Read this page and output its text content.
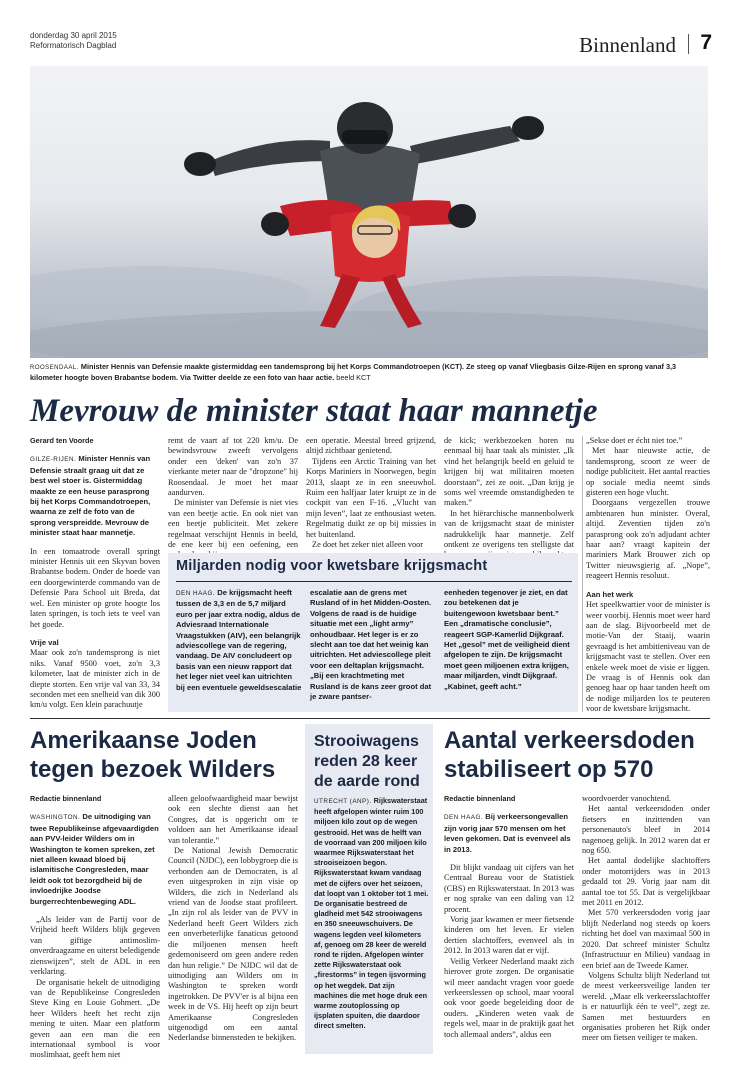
donderdag 30 april 2015
Reformatorisch Dagblad	Binnenland 7
ROOSENDAAL. Minister Hennis van Defensie maakte gistermiddag een tandemsprong bij het Korps Commandotroepen (KCT). Ze steeg op vanaf Vliegbasis Gilze-Rijen en sprong vanaf 3,3 kilometer hoogte boven Brabantse bodem. Via Twitter deelde ze een foto van haar actie. beeld KCT
Mevrouw de minister staat haar mannetje
Gerard ten Voorde
GILZE-RIJEN. Minister Hennis van Defensie straalt graag uit dat ze best wel stoer is. Gistermiddag maakte ze een heuse parasprong bij het Korps Commandotroepen, waarna ze zelf de foto van de sprong verspreidde. Mevrouw de minister staat haar mannetje.

In een tomaatrode overall springt minister Hennis uit een Skyvan boven Brabantse bodem. Onder de hoede van een doorgewinterde commando van de Defensie Para School uit Breda, dat wel. Een minister op grote hoogte los laten springen, is toch iets te veel van het goede.

Vrije val

Maar ook zo'n tandemsprong is niet niks. Vanaf 9500 voet, zo'n 3,3 kilometer, laat de minister zich in de diepte storten. Een vrije val van 33, 34 seconden met een snelheid van dik 300 km/u volgt. Een klein parachuutje

remt de vaart af tot 220 km/u. De bewindsvrouw zweeft vervolgens onder een 'deken' van zo'n 37 vierkante meter naar de "dropzone" bij Roosendaal. Je moet het maar aandurven.

De minister van Defensie is niet vies van een beetje actie. En ook niet van een beetje publiciteit. Met zekere regelmaat verschijnt Hennis in beeld, de ene keer bij een oefening, een

een operatie. Meestal breed grijzend, altijd zichtbaar genietend.

Tijdens een Arctic Training van het Korps Mariniers in Noorwegen, begin 2013, slaapt ze in een sneeuwhol. Ruim een halfjaar later kruipt ze in de cockpit van een F-16. „Vlucht van mijn leven”, laat ze enthousiast weten. Regelmatig duikt ze op bij missies in het buitenland.

Ze doet het zeker niet alleen voor

de kick; werkbezoeken horen nu eenmaal bij haar taak als minister. „Ik vind het belangrijk beeld en geluid te krijgen bij wat militairen moeten doorstaan”, zei ze ooit. „Dan krijg je soms wel vreemde omstandigheden te maken.”

In het hiërarchische mannenbolwerk van de krijgsmacht staat de minister nadrukkelijk haar mannetje. Zelf ontkent ze overigens ten stelligste dat

„Sekse doet er écht niet toe.”

Met haar nieuwste actie, de tandemsprong, scoort ze weer de nodige publiciteit. Het aantal reacties op sociale media neemt sinds gisteren een hoge vlucht.

Doorgaans vergezellen trouwe ambtenaren hun minister. Overal, altijd. Zeventien tijden zo'n parasprong ook zo'n adjudant achter haar aan? vraagt kapitein der mariniers Mark Brouwer zich op Twitter nieuwsgierig af. „Nope”, reageert Hennis resoluut.

Aan het werk

Het speelkwartier voor de minister is weer voorbij. Hennis moet weer hard aan de slag. Bijvoorbeeld met de motie-Van der Staaij, waarin gevraagd is het ambitieniveau van de krijgsmacht vast te stellen. Over een enkele week moet de visie er liggen. De vraag is of Hennis ook dan genoeg haar op haar tanden heeft om de nodige miljarden los te peuteren voor de kwetsbare krijgsmacht.

Miljarden nodig voor kwetsbare krijgsmacht
DEN HAAG. De krijgsmacht heeft tussen de 3,3 en de 5,7 miljard euro per jaar extra nodig, aldus de Adviesraad Internationale Vraagstukken (AIV), een belangrijk adviescollege van de regering, vandaag. De AIV concludeert op basis van een nieuw rapport dat het leger niet veel kan uitrichten bij een eventuele geweldsescalatie
escalatie aan de grens met Rusland of in het Midden-Oosten. Volgens de raad is de huidige situatie met een „light army” onhoudbaar. Het leger is er zo slecht aan toe dat het weinig kan uitrichten. Het adviescollege pleit voor een deltaplan krijgsmacht. „Bij een krachtmeting met Rusland is de kans zeer groot dat je zware pantser-
eenheden tegenover je ziet, en dat zou betekenen dat je buitengewoon kwetsbaar bent.” Een „dramatische conclusie”, reageert SGP-Kamerlid Dijkgraaf. Het „gesol” met de veiligheid dient afgelopen te zijn. De krijgsmacht moet geen miljoenen extra krijgen, maar miljarden, vindt Dijkgraaf. „Kabinet, geeft acht.”
Amerikaanse Joden tegen bezoek Wilders
Redactie binnenland
WASHINGTON. De uitnodiging van twee Republikeinse afgevaardigden aan PVV-leider Wilders om in Washington te komen spreken, zet niet alleen kwaad bloed bij islamitische Congresleden, maar leidt ook tot bezorgdheid bij de invloedrijke Joodse burgerrechtenbeweging ADL.

„Als leider van de Partij voor de Vrijheid heeft Wilders blijk gegeven van giftige antimoslim-onverdraagzame en uiterst beledigende zienswijzen”, stelt de ADL in een verklaring.

De organisatie hekelt de uitnodiging van de Republikeinse Congresleden Steve King en Louie Gohmert. „De heer Wilders heeft het recht zijn mening te uiten. Maar een platform geven aan een man die een internationaal symbool is voor moslimhaat, geeft hem niet

alleen geloofwaardigheid maar bewijst ook een slechte dienst aan het Congres, dat is opgericht om te voldoen aan het Amerikaanse ideaal van tolerantie.”

De National Jewish Democratic Council (NJDC), een lobbygroep die is verbonden aan de Democraten, is al even uitgesproken in zijn visie op Wilders, die zich in Nederland als vriend van de Joodse staat profileert. „In zijn rol als leider van de PVV in Nederland heeft Geert Wilders zich een onverbeterlijke fanaticus getoond die miljoenen mensen heeft gedemoniseerd om geen andere reden dan hun religie.” De NJDC wil dat de uitnodiging aan Wilders om in Washington te spreken wordt ingetrokken. De PVV'er is al bijna een week in de VS. Hij heeft op zijn beurt Amerikaanse Congresleden uitgenodigd om een aantal Nederlandse binnensteden te bekijken.

Strooiwagens reden 28 keer de aarde rond
UTRECHT (ANP). Rijkswaterstaat heeft afgelopen winter ruim 100 miljoen kilo zout op de wegen gestrooid. Het was de helft van de voorraad van 200 miljoen kilo waarmee Rijkswaterstaat het strooiseizoen begon. Rijkswaterstaat kwam vandaag met de cijfers over het seizoen, dat loopt van 1 oktober tot 1 mei. De organisatie bestreed de gladheid met 542 strooiwagens en 350 sneeuwschuivers. De wagens legden veel kilometers af, genoeg om 28 keer de wereld rond te rijden. Afgelopen winter zette Rijkswaterstaat ook „firestorms” in tegen ijsvorming op het wegdek. Dat zijn machines die met hoge druk een warme zoutoplossing op ijsplaten spuiten, die daardoor direct smelten.
Aantal verkeersdoden stabiliseert op 570
Redactie binnenland
DEN HAAG. Bij verkeersongevallen zijn vorig jaar 570 mensen om het leven gekomen. Dat is evenveel als in 2013.

Dit blijkt vandaag uit cijfers van het Centraal Bureau voor de Statistiek (CBS) en Rijkswaterstaat. In 2013 was er nog sprake van een daling van 12 procent.

Vorig jaar kwamen er meer fietsende kinderen om het leven. Er vielen dertien slachtoffers, evenveel als in 2012. In 2013 waren dat er vijf.

Veilig Verkeer Nederland maakt zich hierover grote zorgen. De organisatie wil meer aandacht vragen voor goede verkeerslessen op school, maar vooral ook voor goede begeleiding door de ouders. „Kinderen weten vaak de regels wel, maar in de praktijk gaat het toch allemaal anders”, aldus een

woordvoerder vanochtend.

Het aantal verkeersdoden onder fietsers en inzittenden van personenauto's bleef in 2014 nagenoeg gelijk. In 2012 waren dat er nog 650.

Het aantal dodelijke slachtoffers onder motorrijders was in 2013 gedaald tot 29. Vorig jaar nam dit aantal toe tot 55. Dat is vergelijkbaar met 2011 en 2012.

Met 570 verkeersdoden vorig jaar blijft Nederland nog steeds op koers richting het doel van maximaal 500 in 2020. Dat schreef minister Schultz (Infrastructuur en Milieu) vandaag in een brief aan de Tweede Kamer.

Volgens Schultz blijft Nederland tot de meest verkeersveilige landen ter wereld. „Maar elk verkeersslachtoffer is er natuurlijk één te veel”, zegt ze. Samen met bestuurders en organisaties proberen het Rijk onder meer om fietsen veiliger te maken.
